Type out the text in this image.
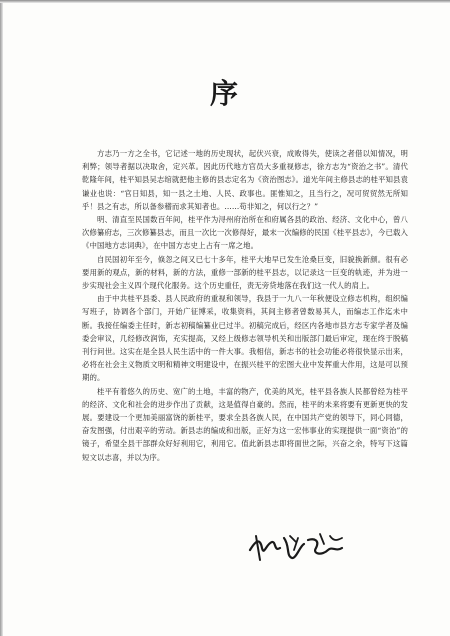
序

方志乃一方之全书，它记述一地的历史现状，起伏兴衰，成败得失，使读之者借以知情况，明利弊；领导者据以决取舍，定兴革。因此历代地方官员大多重视修志，徐方志为“资治之书”。清代乾隆年间，桂平知县吴志绾就把他主修的县志定名为《资治图志》。道光年间主修县志的桂平知县袁谦业也说：“官日知县，知一县之土地、人民、政事也。匪惟知之，且当行之，况可贸贸然无所知乎！县之有志，所以备参稽而求其知者也。……苟非知之，何以行之？”

明、清直至民国数百年间，桂平作为浔州府治所在和府属各县的政治、经济、文化中心，曾八次修纂府志，三次修纂县志，而且一次比一次修得好，最末一次编修的民国《桂平县志》，今已载入《中国地方志词典》，在中国方志史上占有一席之地。

自民国初年至今，倏忽之间又已七十多年，桂平大地早已发生沧桑巨变，旧貌换新颜。很有必要用新的观点，新的材料，新的方法，重修一部新的桂平县志，以记录这一巨变的轨迹，并为进一步实现社会主义四个现代化服务。这个历史重任，责无旁贷地落在我们这一代人的肩上。

由于中共桂平县委、县人民政府的重视和领导，我县于一九八一年秋便设立修志机构，组织编写班子，协调各个部门，开始广征博采，收集资料，其间主修者曾数易其人，而编志工作迄未中断。我接任编委主任时，新志初稿编纂业已过半。初稿完成后，经区内各地市县方志专家学者及编委会审议，几经修改润饰，充实提高，又经上级修志领导机关和出版部门最后审定，现在终于脱稿刊行问世。这实在是全县人民生活中的一件大事。我相信，新志书的社会功能必将很快显示出来，必将在社会主义物质文明和精神文明建设中，在振兴桂平的宏图大业中发挥重大作用，这是可以预期的。

桂平有着悠久的历史、宽广的土地，丰富的物产，优美的风光，桂平县各族人民都曾经为桂平的经济、文化和社会的进步作出了贡献，这是值得自豪的。然而，桂平的未来将要有更新更快的发展。要建设一个更加美丽富饶的新桂平，要求全县各族人民，在中国共产党的领导下，同心同德，奋发图强，付出艰辛的劳动。新县志的编成和出版，正好为这一宏伟事业的实现提供一面“资治”的镜子，希望全县干部群众好好利用它，利用它。值此新县志即将面世之际，兴奋之余，特写下这篇短文以志喜，并以为序。
